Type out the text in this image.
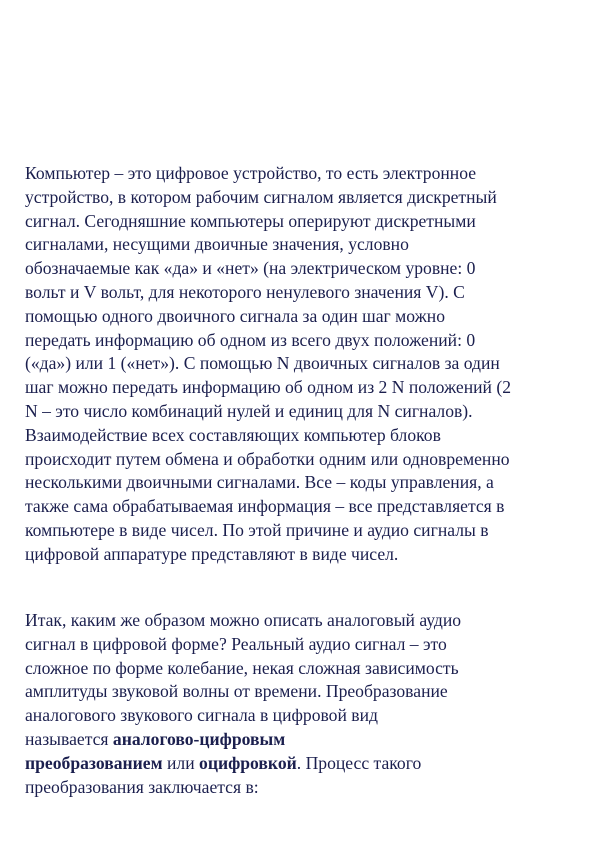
Компьютер – это цифровое устройство, то есть электронное
устройство, в котором рабочим сигналом является дискретный
сигнал. Сегодняшние компьютеры оперируют дискретными
сигналами, несущими двоичные значения, условно
обозначаемые как «да» и «нет» (на электрическом уровне: 0
вольт и V вольт, для некоторого ненулевого значения V). С
помощью одного двоичного сигнала за один шаг можно
передать информацию об одном из всего двух положений: 0
(«да») или 1 («нет»). С помощью N двоичных сигналов за один
шаг можно передать информацию об одном из 2 N положений (2
N – это число комбинаций нулей и единиц для N сигналов).
Взаимодействие всех составляющих компьютер блоков
происходит путем обмена и обработки одним или одновременно
несколькими двоичными сигналами. Все – коды управления, а
также сама обрабатываемая информация – все представляется в
компьютере в виде чисел. По этой причине и аудио сигналы в
цифровой аппаратуре представляют в виде чисел.

Итак, каким же образом можно описать аналоговый аудио
сигнал в цифровой форме? Реальный аудио сигнал – это
сложное по форме колебание, некая сложная зависимость
амплитуды звуковой волны от времени. Преобразование
аналогового звукового сигнала в цифровой вид
называется аналогово-цифровым
преобразованием или оцифровкой. Процесс такого
преобразования заключается в:
